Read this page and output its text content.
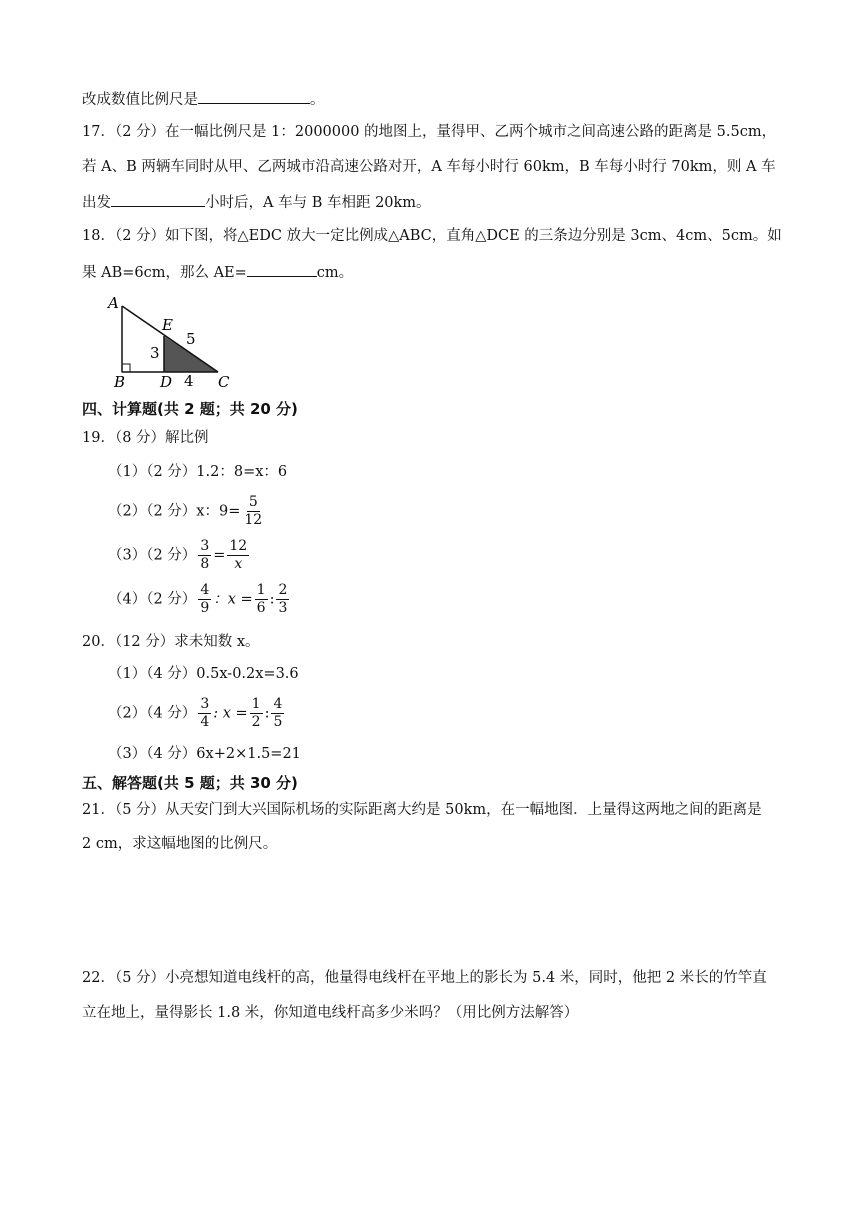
改成数值比例尺是	。
17．（2 分）在一幅比例尺是 1：2000000 的地图上，量得甲、乙两个城市之间高速公路的距离是 5.5cm，
若 A、B 两辆车同时从甲、乙两城市沿高速公路对开，A 车每小时行 60km，B 车每小时行 70km，则 A 车
出发	小时后，A 车与 B 车相距 20km。
18．（2 分）如下图，将△EDC 放大一定比例成△ABC，直角△DCE 的三条边分别是 3cm、4cm、5cm。如
果 AB=6cm，那么 AE=	cm。
A
B D	C
E
3
4
5
四、计算题(共 2 题；共 20 分)
19．（8 分）解比例
（1）（2 分）1.2：8=x：6
（2）（2 分）x：$9= \frac{5}{12}$
（3）（2 分） $\frac{3}{8} = \frac{12}{x}$
（4）（2 分） $\frac{4}{9}$ ：$x = \frac{1}{6}$ : $\frac{2}{3}$
20．（12 分）求未知数 x。
（1）（4 分）0.5x-0.2x=3.6
（2）（4 分） $\frac{3}{4}$ : $x = \frac{1}{2}$ : $\frac{4}{5}$
（3）（4 分）6x+2×1.5=21
五、解答题(共 5 题；共 30 分)
21．（5 分）从天安门到大兴国际机场的实际距离大约是 50km，在一幅地图．上量得这两地之间的距离是
2 cm，求这幅地图的比例尺。
22．（5 分）小亮想知道电线杆的高，他量得电线杆在平地上的影长为 5.4 米，同时，他把 2 米长的竹竿直
立在地上，量得影长 1.8 米，你知道电线杆高多少米吗？（用比例方法解答）
